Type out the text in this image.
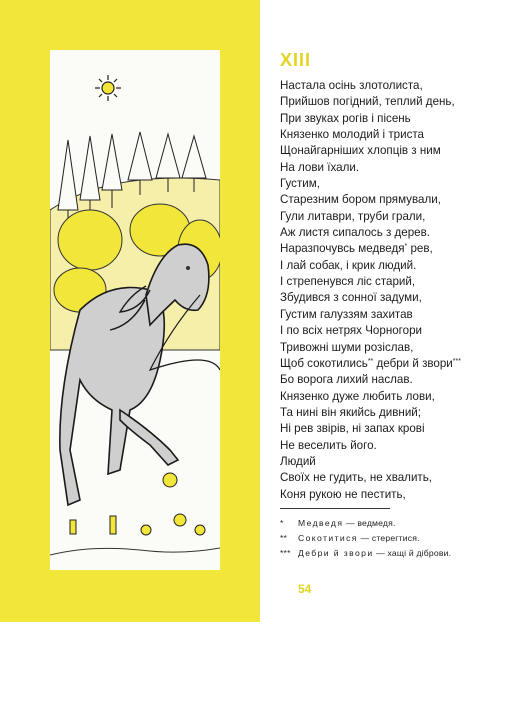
XIII
Настала осінь злотолиста,
Прийшов погідний, теплий день,
При звуках рогів і пісень
Князенко молодий і триста
Щонайгарніших хлопців з ним
На лови їхали.
Густим,
Старезним бором прямували,
Гули литаври, труби грали,
Аж листя сипалось з дерев.
Наразпочувсь медведя* рев,
І лай собак, і крик людий.
І стрепенувся ліс старий,
Збудився з сонної задуми,
Густим галуззям захитав
І по всіх нетрях Чорногори
Тривожні шуми розіслав,
Щоб сокотились** дебри й звори***
Бо ворога лихий наслав.
Князенко дуже любить лови,
Та нині він якийсь дивний;
Ні рев звірів, ні запах крові
Не веселить його.
Людий
Своїх не гудить, не хвалить,
Коня рукою не пестить,
* Медведя — ведмедя.
** Сокотитися — стерегтися.
*** Дебри й звори — хащі й діброви.
54
